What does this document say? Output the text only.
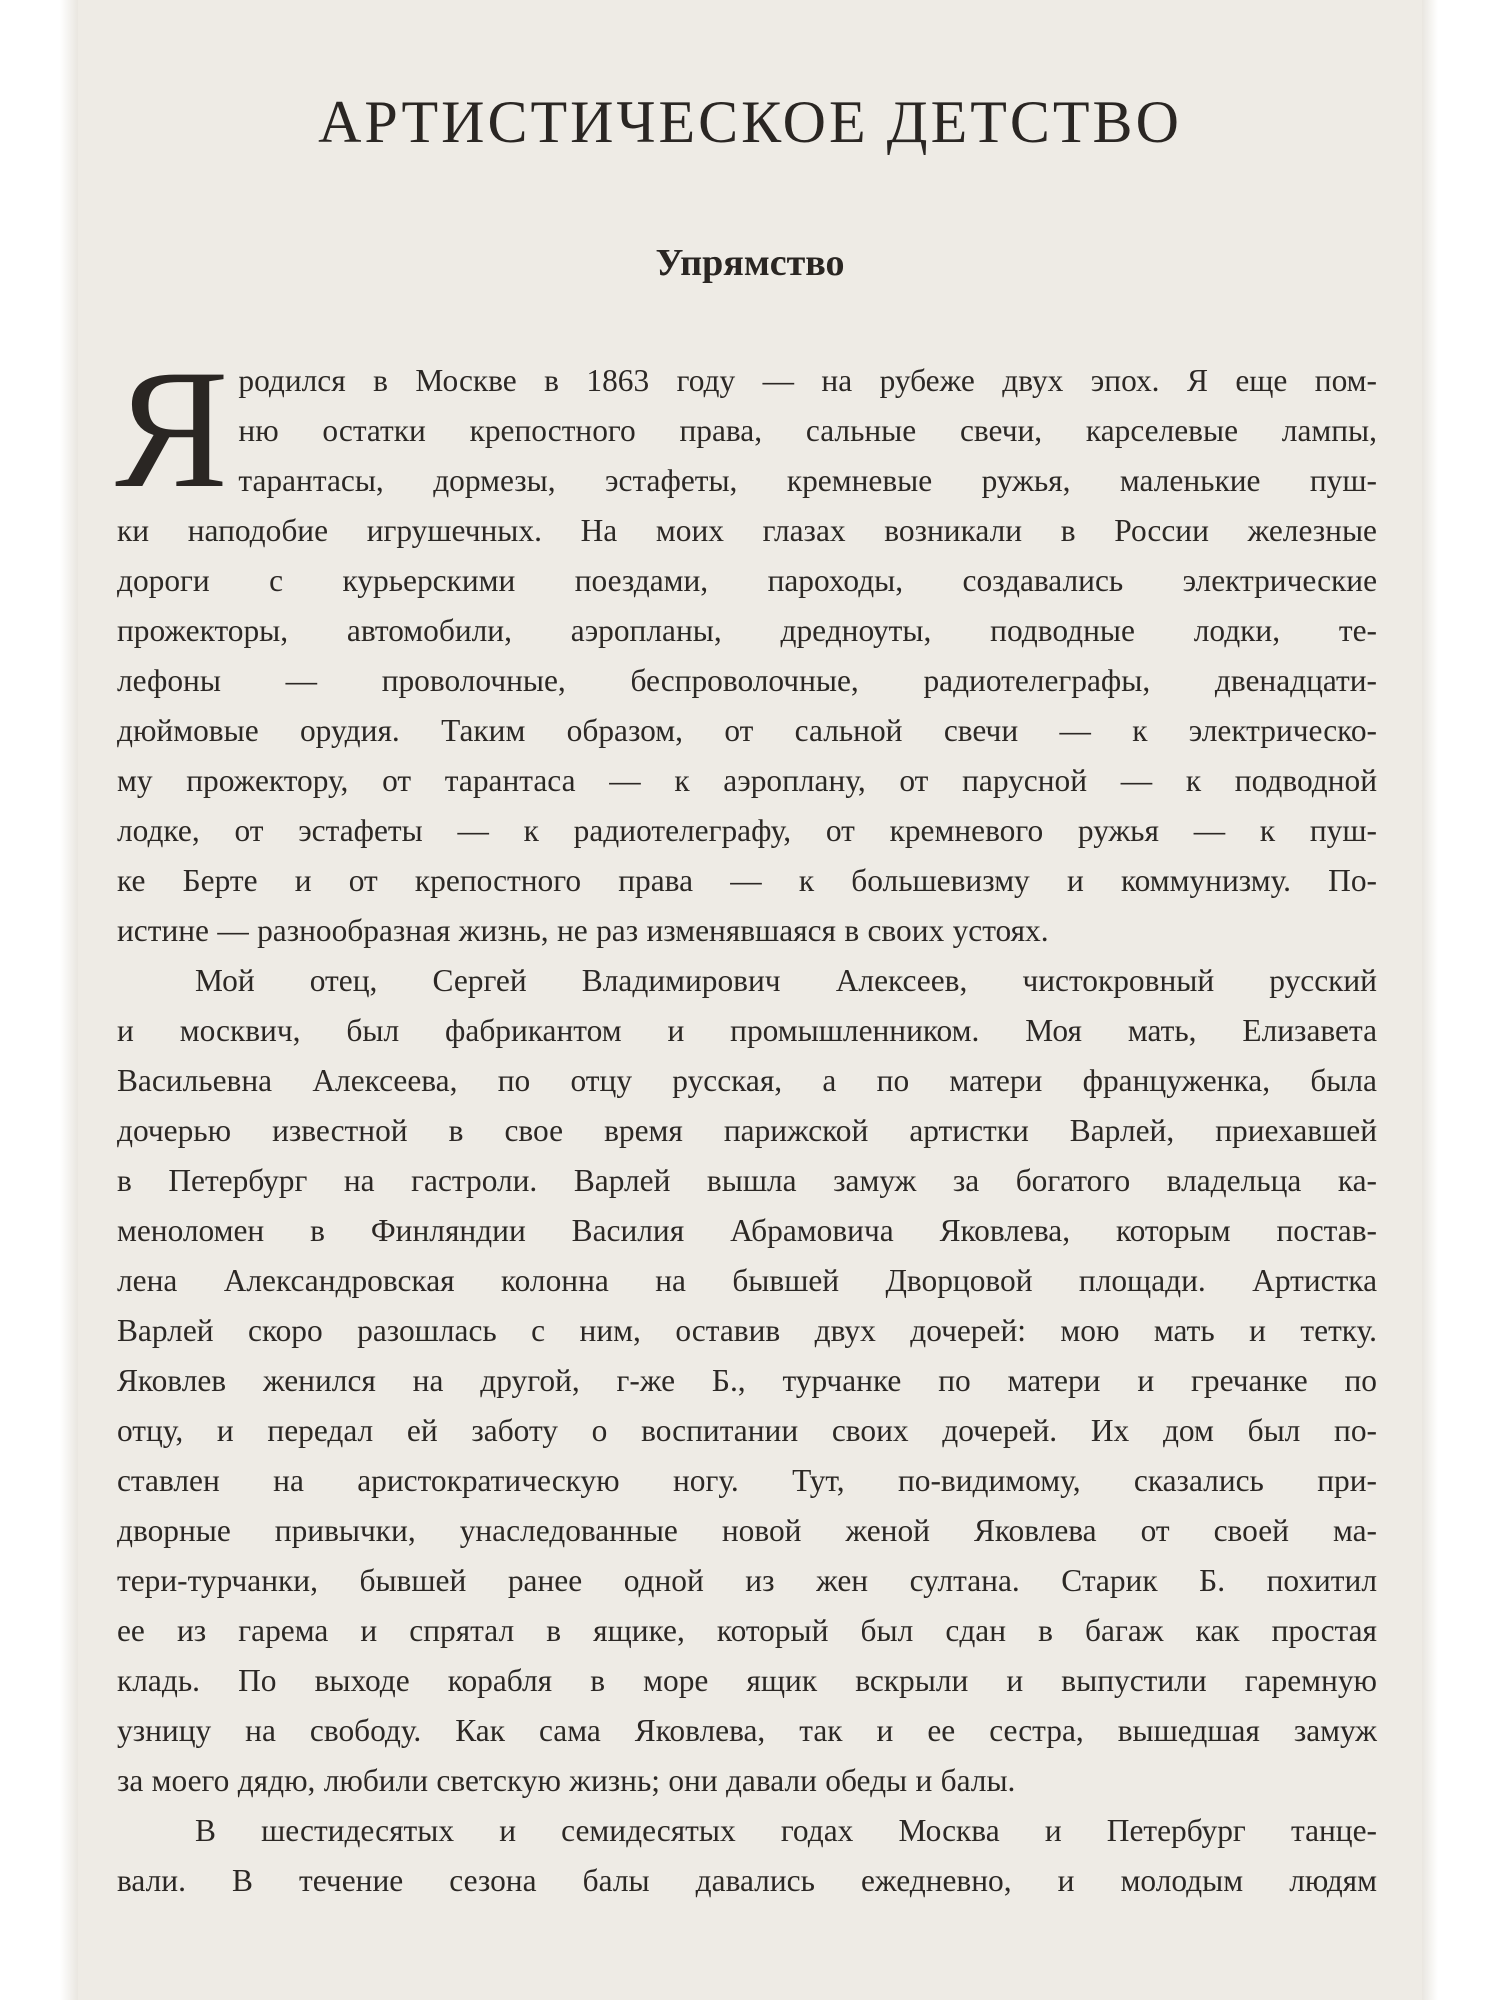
АРТИСТИЧЕСКОЕ ДЕТСТВО
Упрямство
Я родился в Москве в 1863 году — на рубеже двух эпох. Я еще пом-

ню остатки крепостного права, сальные свечи, карселевые лампы,

тарантасы, дормезы, эстафеты, кремневые ружья, маленькие пуш-

ки наподобие игрушечных. На моих глазах возникали в России железные

дороги с курьерскими поездами, пароходы, создавались электрические

прожекторы, автомобили, аэропланы, дредноуты, подводные лодки, те-

лефоны — проволочные, беспроволочные, радиотелеграфы, двенадцати-

дюймовые орудия. Таким образом, от сальной свечи — к электрическо-

му прожектору, от тарантаса — к аэроплану, от парусной — к подводной

лодке, от эстафеты — к радиотелеграфу, от кремневого ружья — к пуш-

ке Берте и от крепостного права — к большевизму и коммунизму. По-

истине — разнообразная жизнь, не раз изменявшаяся в своих устоях.

Мой отец, Сергей Владимирович Алексеев, чистокровный русский

и москвич, был фабрикантом и промышленником. Моя мать, Елизавета

Васильевна Алексеева, по отцу русская, а по матери француженка, была

дочерью известной в свое время парижской артистки Варлей, приехавшей

в Петербург на гастроли. Варлей вышла замуж за богатого владельца ка-

меноломен в Финляндии Василия Абрамовича Яковлева, которым постав-

лена Александровская колонна на бывшей Дворцовой площади. Артистка

Варлей скоро разошлась с ним, оставив двух дочерей: мою мать и тетку.

Яковлев женился на другой, г-же Б., турчанке по матери и гречанке по

отцу, и передал ей заботу о воспитании своих дочерей. Их дом был по-

ставлен на аристократическую ногу. Тут, по-видимому, сказались при-

дворные привычки, унаследованные новой женой Яковлева от своей ма-

тери-турчанки, бывшей ранее одной из жен султана. Старик Б. похитил

ее из гарема и спрятал в ящике, который был сдан в багаж как простая

кладь. По выходе корабля в море ящик вскрыли и выпустили гаремную

узницу на свободу. Как сама Яковлева, так и ее сестра, вышедшая замуж

за моего дядю, любили светскую жизнь; они давали обеды и балы.

В шестидесятых и семидесятых годах Москва и Петербург танце-

вали. В течение сезона балы давались ежедневно, и молодым людям
